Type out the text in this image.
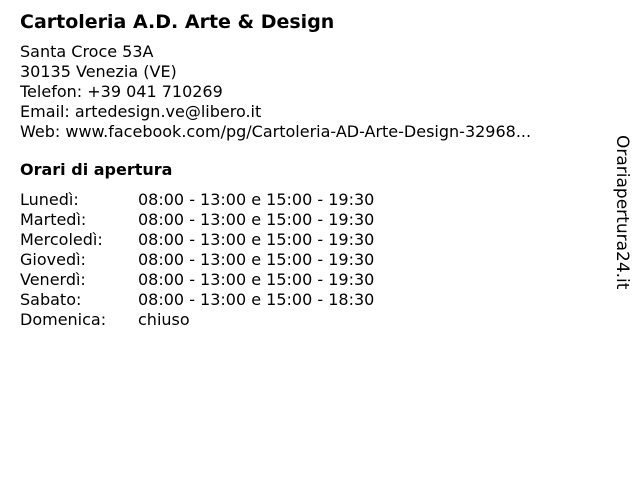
Cartoleria A.D. Arte & Design
Santa Croce 53A
30135 Venezia (VE)
Telefon: +39 041 710269
Email: artedesign.ve@libero.it
Web: www.facebook.com/pg/Cartoleria-AD-Arte-Design-32968...
Orari di apertura
Lunedì:	08:00 - 13:00 e 15:00 - 19:30
Martedì:	08:00 - 13:00 e 15:00 - 19:30
Mercoledì: 08:00 - 13:00 e 15:00 - 19:30
Giovedì:	08:00 - 13:00 e 15:00 - 19:30
Venerdì:	08:00 - 13:00 e 15:00 - 19:30
Sabato:	08:00 - 13:00 e 15:00 - 18:30
Domenica: chiuso
Orariaperturа24.it
